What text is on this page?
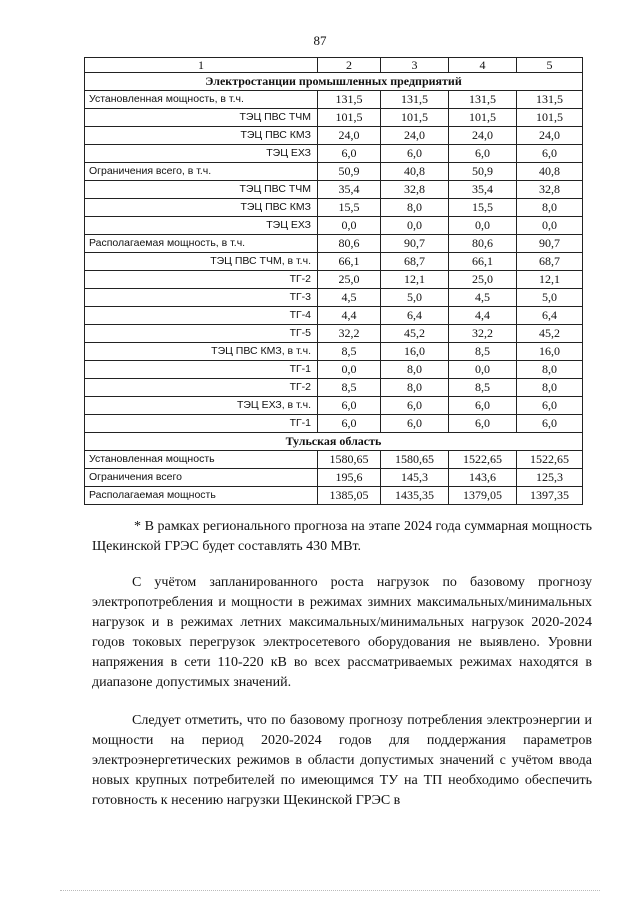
87
1	2	3	4	5
Электростанции промышленных предприятий				
Установленная мощность, в т.ч.	131,5	131,5	131,5	131,5
ТЭЦ ПВС ТЧМ	101,5	101,5	101,5	101,5
ТЭЦ ПВС КМЗ	24,0	24,0	24,0	24,0
ТЭЦ ЕХЗ	6,0	6,0	6,0	6,0
Ограничения всего, в т.ч.	50,9	40,8	50,9	40,8
ТЭЦ ПВС ТЧМ	35,4	32,8	35,4	32,8
ТЭЦ ПВС КМЗ	15,5	8,0	15,5	8,0
ТЭЦ ЕХЗ	0,0	0,0	0,0	0,0
Располагаемая мощность, в т.ч.	80,6	90,7	80,6	90,7
ТЭЦ ПВС ТЧМ, в т.ч.	66,1	68,7	66,1	68,7
ТГ-2	25,0	12,1	25,0	12,1
ТГ-3	4,5	5,0	4,5	5,0
ТГ-4	4,4	6,4	4,4	6,4
ТГ-5	32,2	45,2	32,2	45,2
ТЭЦ ПВС КМЗ, в т.ч.	8,5	16,0	8,5	16,0
ТГ-1	0,0	8,0	0,0	8,0
ТГ-2	8,5	8,0	8,5	8,0
ТЭЦ ЕХЗ, в т.ч.	6,0	6,0	6,0	6,0
ТГ-1	6,0	6,0	6,0	6,0
Тульская область				
Установленная мощность	1580,65	1580,65	1522,65	1522,65
Ограничения всего	195,6	145,3	143,6	125,3
Располагаемая мощность	1385,05	1435,35	1379,05	1397,35
* В рамках регионального прогноза на этапе 2024 года суммарная мощность Щекинской ГРЭС будет составлять 430 МВт.
С учётом запланированного роста нагрузок по базовому прогнозу электропотребления и мощности в режимах зимних максимальных/минимальных нагрузок и в режимах летних максимальных/минимальных нагрузок 2020-2024 годов токовых перегрузок электросетевого оборудования не выявлено. Уровни напряжения в сети 110-220 кВ во всех рассматриваемых режимах находятся в диапазоне допустимых значений.
Следует отметить, что по базовому прогнозу потребления электроэнергии и мощности на период 2020-2024 годов для поддержания параметров электроэнергетических режимов в области допустимых значений с учётом ввода новых крупных потребителей по имеющимся ТУ на ТП необходимо обеспечить готовность к несению нагрузки Щекинской ГРЭС в
